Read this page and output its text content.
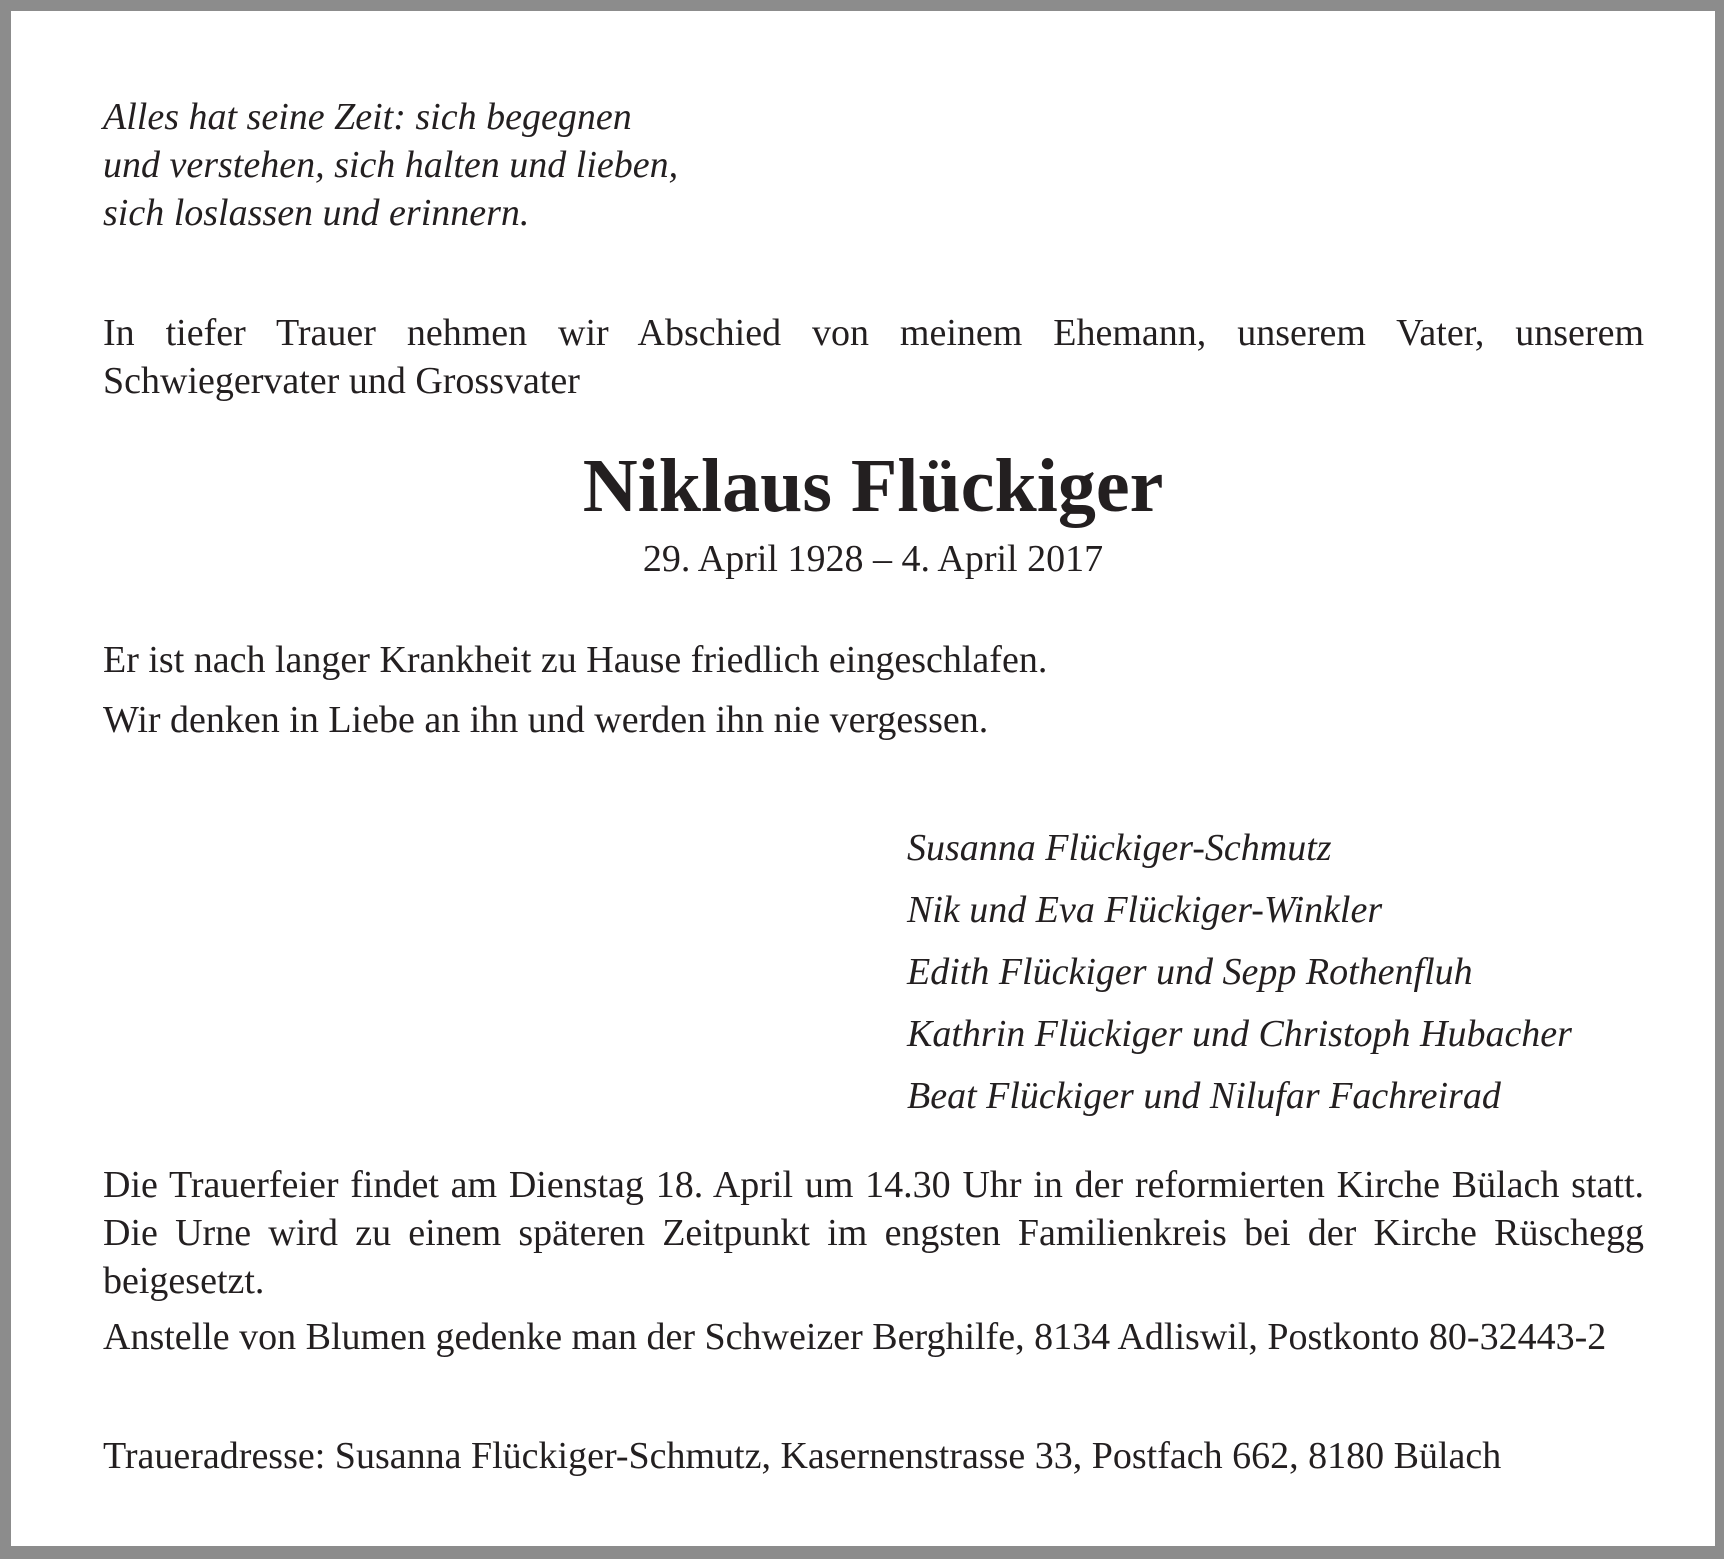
Alles hat seine Zeit: sich begegnen
und verstehen, sich halten und lieben,
sich loslassen und erinnern.

In tiefer Trauer nehmen wir Abschied von meinem Ehemann, unserem Vater, unserem Schwiegervater und Grossvater

Niklaus Flückiger

29. April 1928 – 4. April 2017

Er ist nach langer Krankheit zu Hause friedlich eingeschlafen.

Wir denken in Liebe an ihn und werden ihn nie vergessen.

Susanna Flückiger-Schmutz
Nik und Eva Flückiger-Winkler
Edith Flückiger und Sepp Rothenfluh
Kathrin Flückiger und Christoph Hubacher
Beat Flückiger und Nilufar Fachreirad

Die Trauerfeier findet am Dienstag 18. April um 14.30 Uhr in der reformierten Kirche Bülach statt. Die Urne wird zu einem späteren Zeitpunkt im engsten Familienkreis bei der Kirche Rüschegg beigesetzt.

Anstelle von Blumen gedenke man der Schweizer Berghilfe, 8134 Adliswil, Postkonto 80-32443-2

Traueradresse: Susanna Flückiger-Schmutz, Kasernenstrasse 33, Postfach 662, 8180 Bülach
